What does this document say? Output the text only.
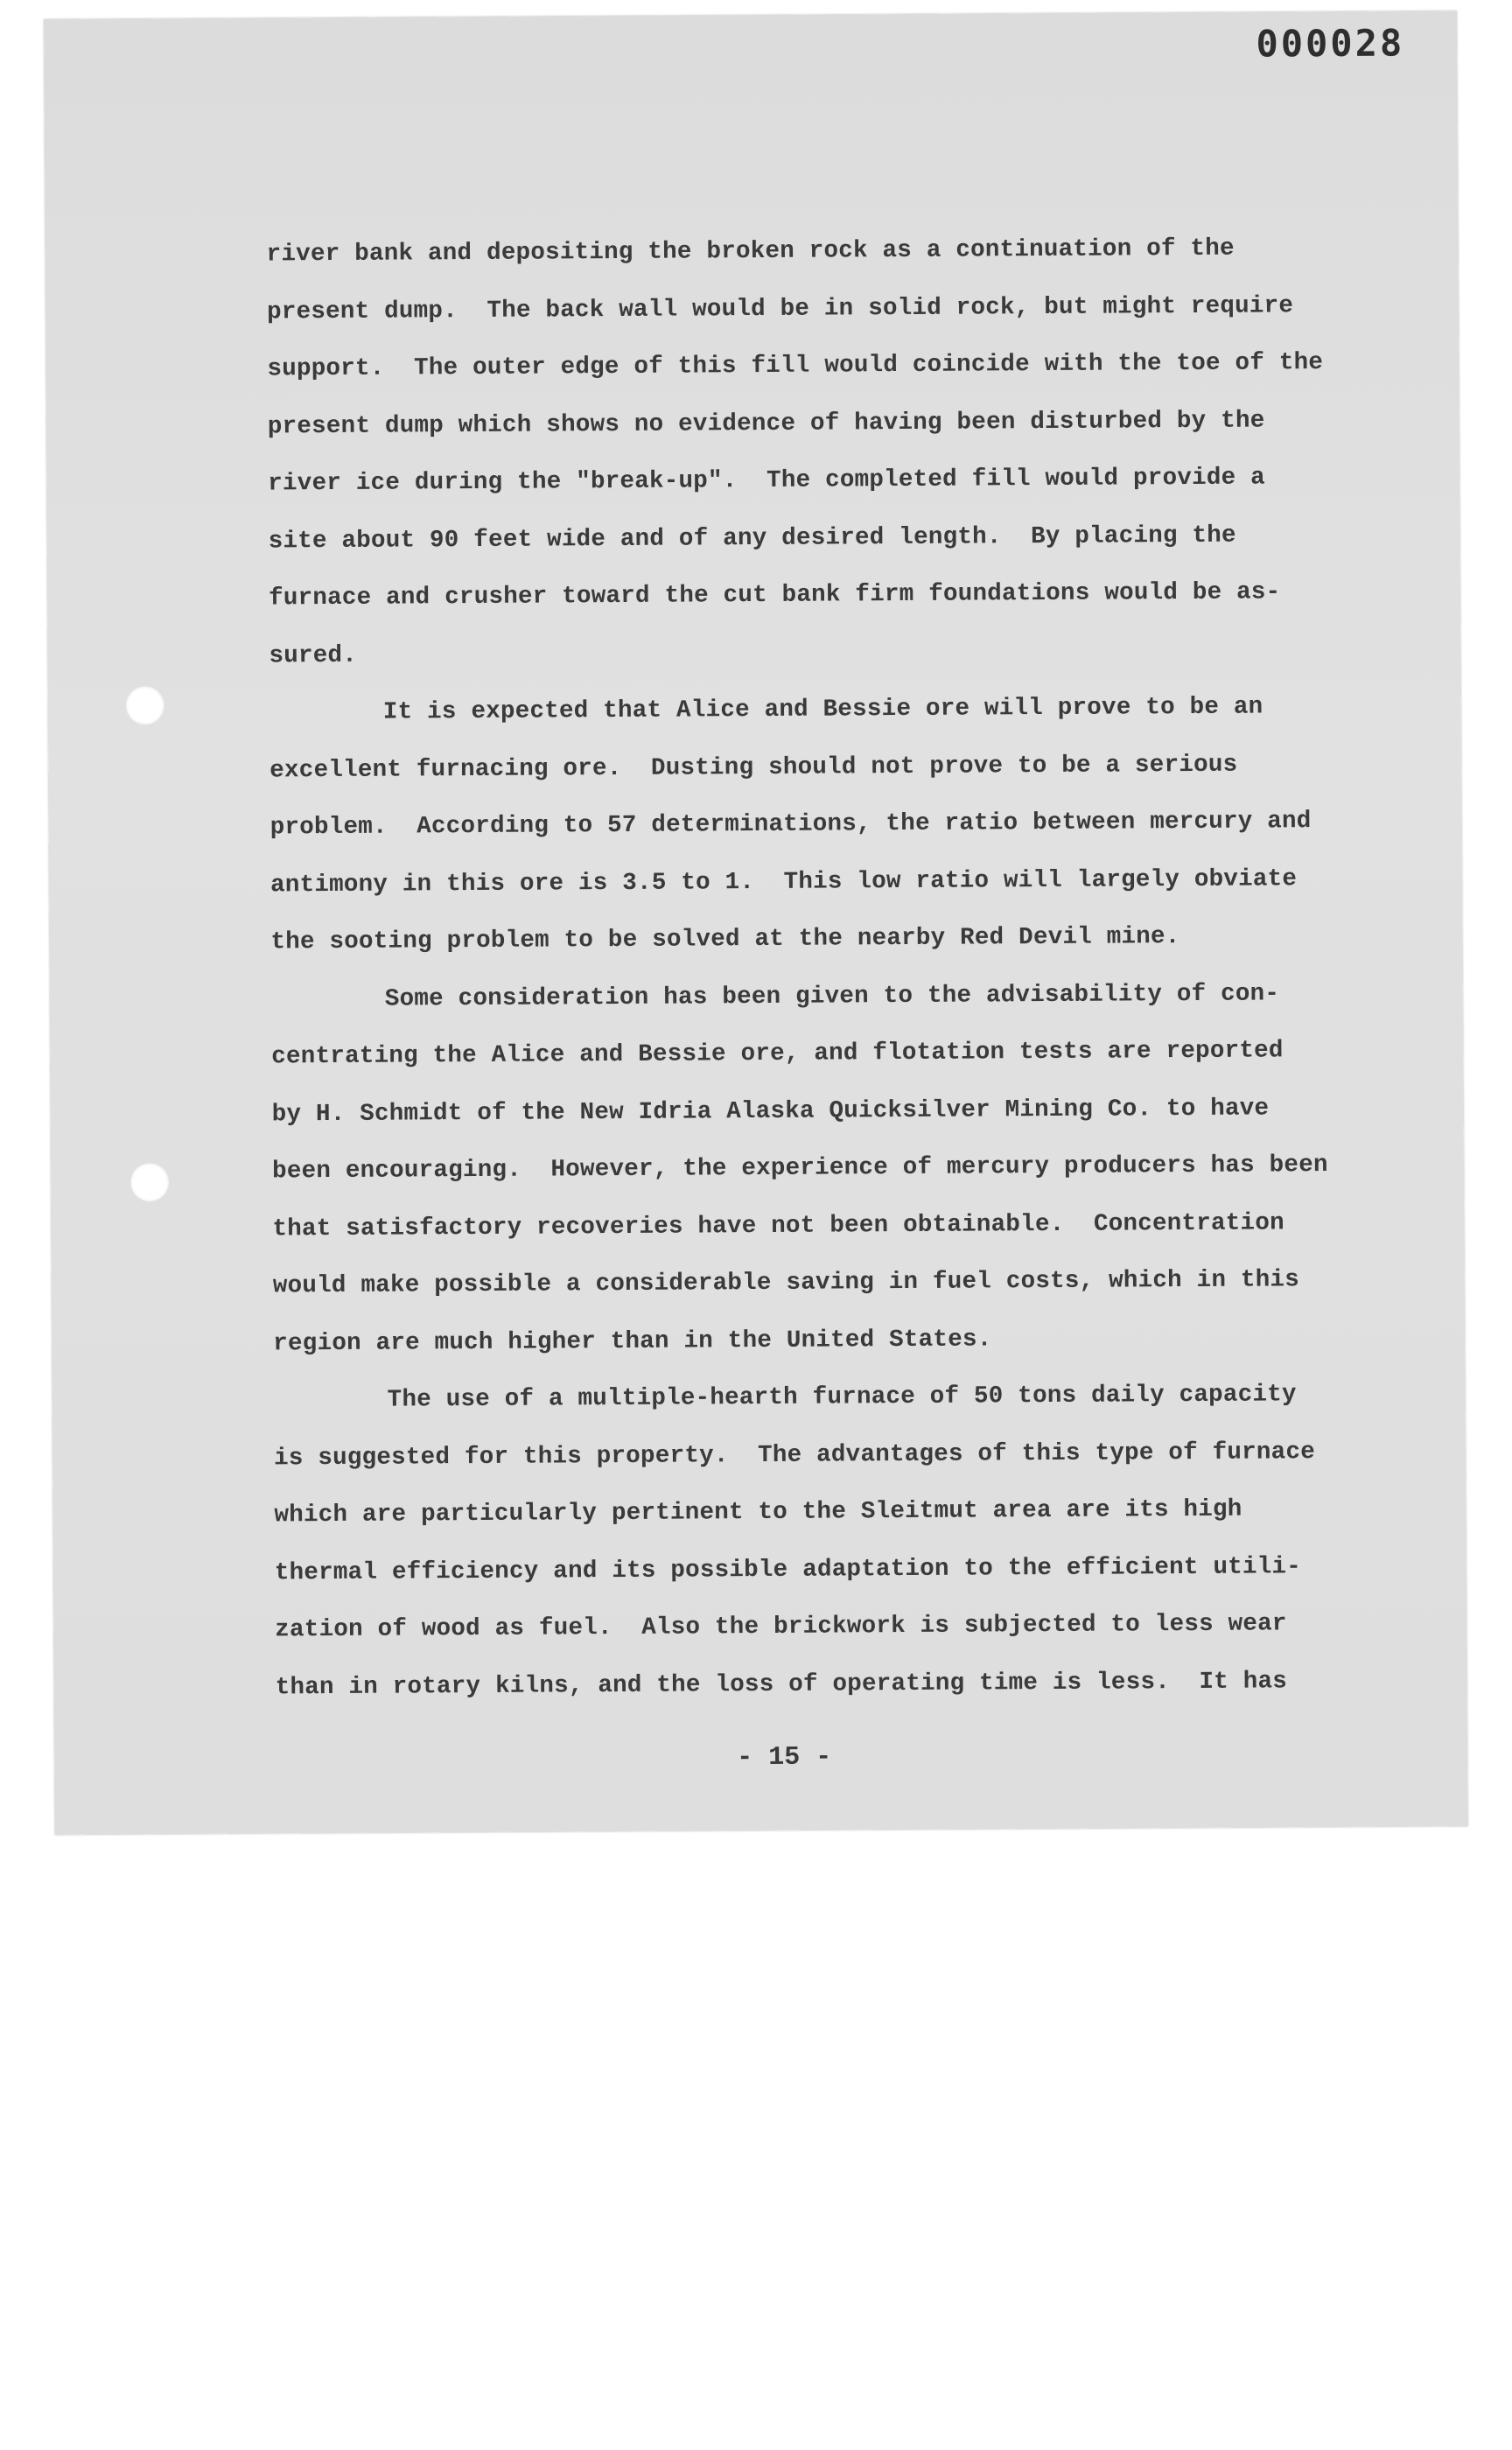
000028

river bank and depositing the broken rock as a continuation of the
present dump.  The back wall would be in solid rock, but might require
support.  The outer edge of this fill would coincide with the toe of the
present dump which shows no evidence of having been disturbed by the
river ice during the "break-up".  The completed fill would provide a
site about 90 feet wide and of any desired length.  By placing the
furnace and crusher toward the cut bank firm foundations would be as-
sured.
It is expected that Alice and Bessie ore will prove to be an
excellent furnacing ore.  Dusting should not prove to be a serious
problem.  According to 57 determinations, the ratio between mercury and
antimony in this ore is 3.5 to 1.  This low ratio will largely obviate
the sooting problem to be solved at the nearby Red Devil mine.
Some consideration has been given to the advisability of con-
centrating the Alice and Bessie ore, and flotation tests are reported
by H. Schmidt of the New Idria Alaska Quicksilver Mining Co. to have
been encouraging.  However, the experience of mercury producers has been
that satisfactory recoveries have not been obtainable.  Concentration
would make possible a considerable saving in fuel costs, which in this
region are much higher than in the United States.
The use of a multiple-hearth furnace of 50 tons daily capacity
is suggested for this property.  The advantages of this type of furnace
which are particularly pertinent to the Sleitmut area are its high
thermal efficiency and its possible adaptation to the efficient utili-
zation of wood as fuel.  Also the brickwork is subjected to less wear
than in rotary kilns, and the loss of operating time is less.  It has

- 15 -
